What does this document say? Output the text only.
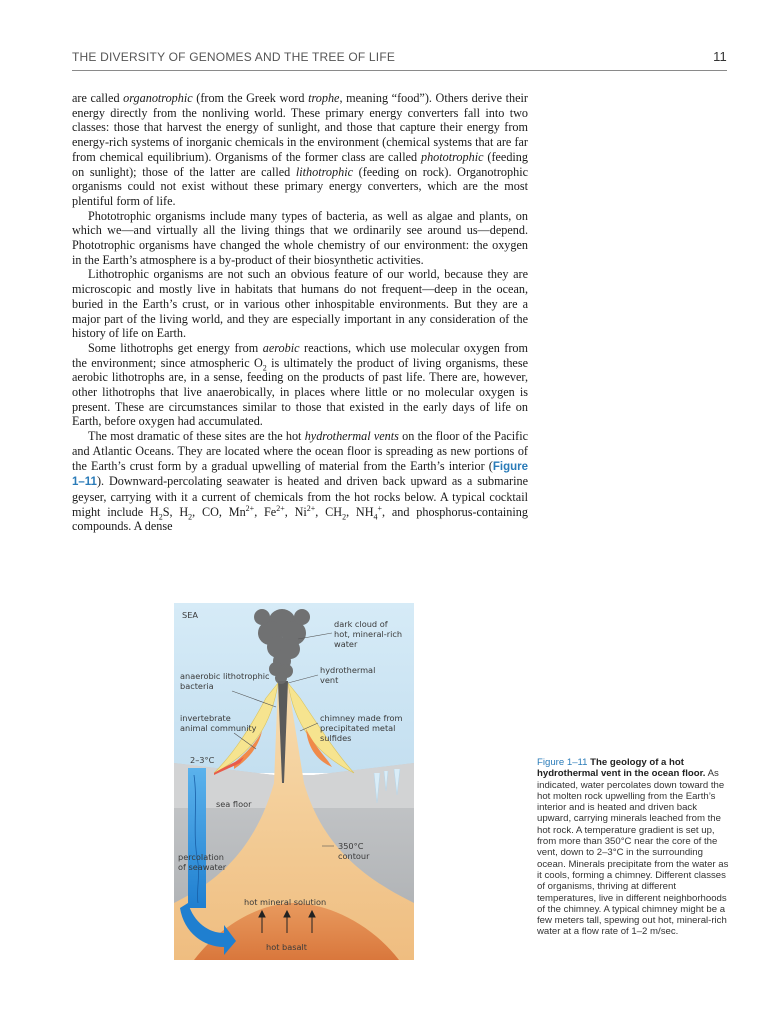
THE DIVERSITY OF GENOMES AND THE TREE OF LIFE	11

are called organotrophic (from the Greek word trophe, meaning “food”). Others derive their energy directly from the nonliving world. These primary energy converters fall into two classes: those that harvest the energy of sunlight, and those that capture their energy from energy-rich systems of inorganic chemicals in the environment (chemical systems that are far from chemical equilibrium). Organisms of the former class are called phototrophic (feeding on sunlight); those of the latter are called lithotrophic (feeding on rock). Organotrophic organisms could not exist without these primary energy converters, which are the most plentiful form of life.

Phototrophic organisms include many types of bacteria, as well as algae and plants, on which we—and virtually all the living things that we ordinarily see around us—depend. Phototrophic organisms have changed the whole chemistry of our environment: the oxygen in the Earth’s atmosphere is a by-product of their biosynthetic activities.

Lithotrophic organisms are not such an obvious feature of our world, because they are microscopic and mostly live in habitats that humans do not frequent—deep in the ocean, buried in the Earth’s crust, or in various other inhospitable environments. But they are a major part of the living world, and they are especially important in any consideration of the history of life on Earth.

Some lithotrophs get energy from aerobic reactions, which use molecular oxygen from the environment; since atmospheric $O_2$ is ultimately the product of living organisms, these aerobic lithotrophs are, in a sense, feeding on the products of past life. There are, however, other lithotrophs that live anaerobically, in places where little or no molecular oxygen is present. These are circumstances similar to those that existed in the early days of life on Earth, before oxygen had accumulated.

The most dramatic of these sites are the hot hydrothermal vents on the floor of the Pacific and Atlantic Oceans. They are located where the ocean floor is spreading as new portions of the Earth’s crust form by a gradual upwelling of material from the Earth’s interior (Figure 1–11). Downward-percolating seawater is heated and driven back upward as a submarine geyser, carrying with it a current of chemicals from the hot rocks below. A typical cocktail might include $H_2S$, $H_2$, CO, $Mn^{2+}$, $Fe^{2+}$, $Ni^{2+}$, $CH_2$, $NH_4^+$, and phosphorus-containing compounds. A dense

SEA
dark cloud of
hot, mineral-rich
water
hydrothermal
vent
anaerobic lithotrophic
bacteria
invertebrate
animal community
chimney made from
precipitated metal
sulfides
2–3°C
sea floor
350°C
contour
percolation
of seawater
hot mineral solution
hot basalt
Figure 1–11 The geology of a hot hydrothermal vent in the ocean floor. As indicated, water percolates down toward the hot molten rock upwelling from the Earth’s interior and is heated and driven back upward, carrying minerals leached from the hot rock. A temperature gradient is set up, from more than 350°C near the core of the vent, down to 2–3°C in the surrounding ocean. Minerals precipitate from the water as it cools, forming a chimney. Different classes of organisms, thriving at different temperatures, live in different neighborhoods of the chimney. A typical chimney might be a few meters tall, spewing out hot, mineral-rich water at a flow rate of 1–2 m/sec.
